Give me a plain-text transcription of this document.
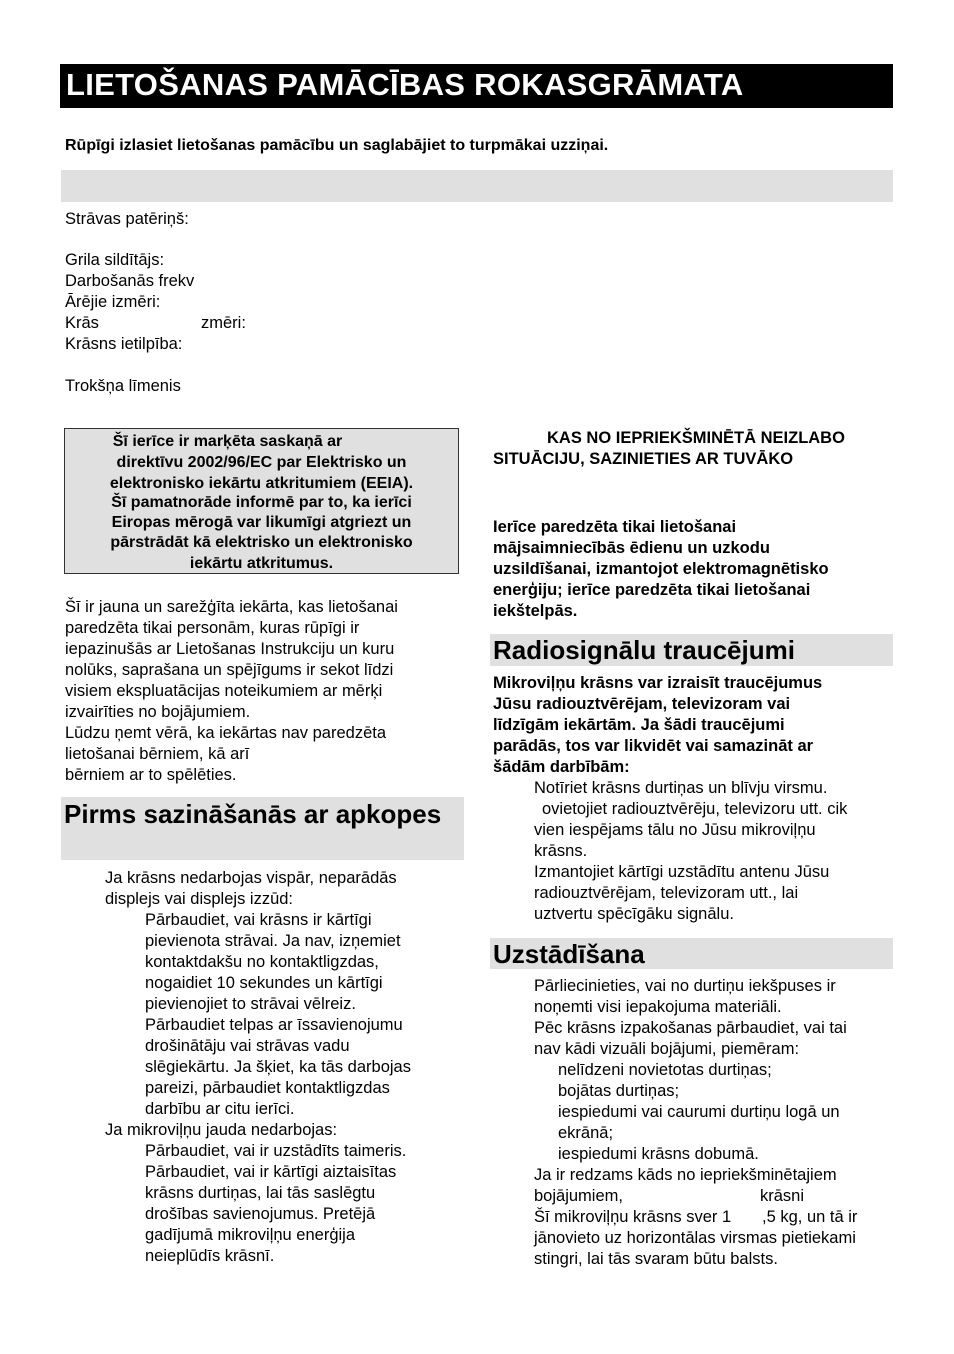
LIETOŠANAS PAMĀCĪBAS ROKASGRĀMATA
Rūpīgi izlasiet lietošanas pamācību un saglabājiet to turpmākai uzziņai.
Strāvas patēriņš:
Grila sildītājs:
Darbošanās frekv
Ārējie izmēri:
Krās	zmēri:
Krāsns ietilpība:
Trokšņa līmenis
Šī ierīce ir marķēta saskaņā ar
direktīvu 2002/96/EC par Elektrisko un
elektronisko iekārtu atkritumiem (EEIA).
Šī pamatnorāde informē par to, ka ierīci
Eiropas mērogā var likumīgi atgriezt un
pārstrādāt kā elektrisko un elektronisko
iekārtu atkritumus.
Šī ir jauna un sarežģīta iekārta, kas lietošanai
paredzēta tikai personām, kuras rūpīgi ir
iepazinušās ar Lietošanas Instrukciju un kuru
nolūks, saprašana un spējīgums ir sekot līdzi
visiem ekspluatācijas noteikumiem ar mērķi
izvairīties no bojājumiem.
Lūdzu ņemt vērā, ka iekārtas nav paredzēta
lietošanai bērniem, kā arī
bērniem ar to spēlēties.
Pirms sazināšanās ar apkopes
Ja krāsns nedarbojas vispār, neparādās
displejs vai displejs izzūd:
Pārbaudiet, vai krāsns ir kārtīgi
pievienota strāvai. Ja nav, izņemiet
kontaktdakšu no kontaktligzdas,
nogaidiet 10 sekundes un kārtīgi
pievienojiet to strāvai vēlreiz.
Pārbaudiet telpas ar īssavienojumu
drošinātāju vai strāvas vadu
slēgiekārtu. Ja šķiet, ka tās darbojas
pareizi, pārbaudiet kontaktligzdas
darbību ar citu ierīci.
Ja mikroviļņu jauda nedarbojas:
Pārbaudiet, vai ir uzstādīts taimeris.
Pārbaudiet, vai ir kārtīgi aiztaisītas
krāsns durtiņas, lai tās saslēgtu
drošības savienojumus. Pretējā
gadījumā mikroviļņu enerģija
neieplūdīs krāsnī.
KAS NO IEPRIEKŠMINĒTĀ NEIZLABO
SITUĀCIJU, SAZINIETIES AR TUVĀKO
Ierīce paredzēta tikai lietošanai
mājsaimniecībās ēdienu un uzkodu
uzsildīšanai, izmantojot elektromagnētisko
enerģiju; ierīce paredzēta tikai lietošanai
iekštelpās.
Radiosignālu traucējumi
Mikroviļņu krāsns var izraisīt traucējumus
Jūsu radiouztvērējam, televizoram vai
līdzīgām iekārtām. Ja šādi traucējumi
parādās, tos var likvidēt vai samazināt ar
šādām darbībām:
Notīriet krāsns durtiņas un blīvju virsmu.
ovietojiet radiouztvērēju, televizoru utt. cik
vien iespējams tālu no Jūsu mikroviļņu
krāsns.
Izmantojiet kārtīgi uzstādītu antenu Jūsu
radiouztvērējam, televizoram utt., lai
uztvertu spēcīgāku signālu.
Uzstādīšana
Pārliecinieties, vai no durtiņu iekšpuses ir
noņemti visi iepakojuma materiāli.
Pēc krāsns izpakošanas pārbaudiet, vai tai
nav kādi vizuāli bojājumi, piemēram:
nelīdzeni novietotas durtiņas;
bojātas durtiņas;
iespiedumi vai caurumi durtiņu logā un
ekrānā;
iespiedumi krāsns dobumā.
Ja ir redzams kāds no iepriekšminētajiem
bojājumiem,	krāsni
Šī mikroviļņu krāsns sver 1 ,5 kg, un tā ir
jānovieto uz horizontālas virsmas pietiekami
stingri, lai tās svaram būtu balsts.
